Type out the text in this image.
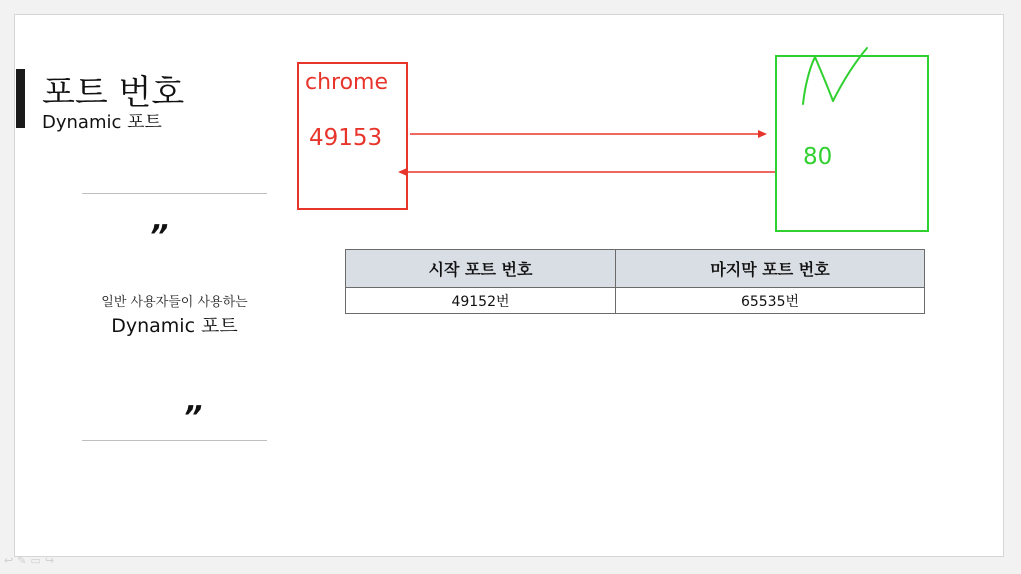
포트 번호
Dynamic 포트
”
일반 사용자들이 사용하는
Dynamic 포트
”
chrome
49153
80
시작 포트 번호	마지막 포트 번호
49152번	65535번
↩✎▭↪
